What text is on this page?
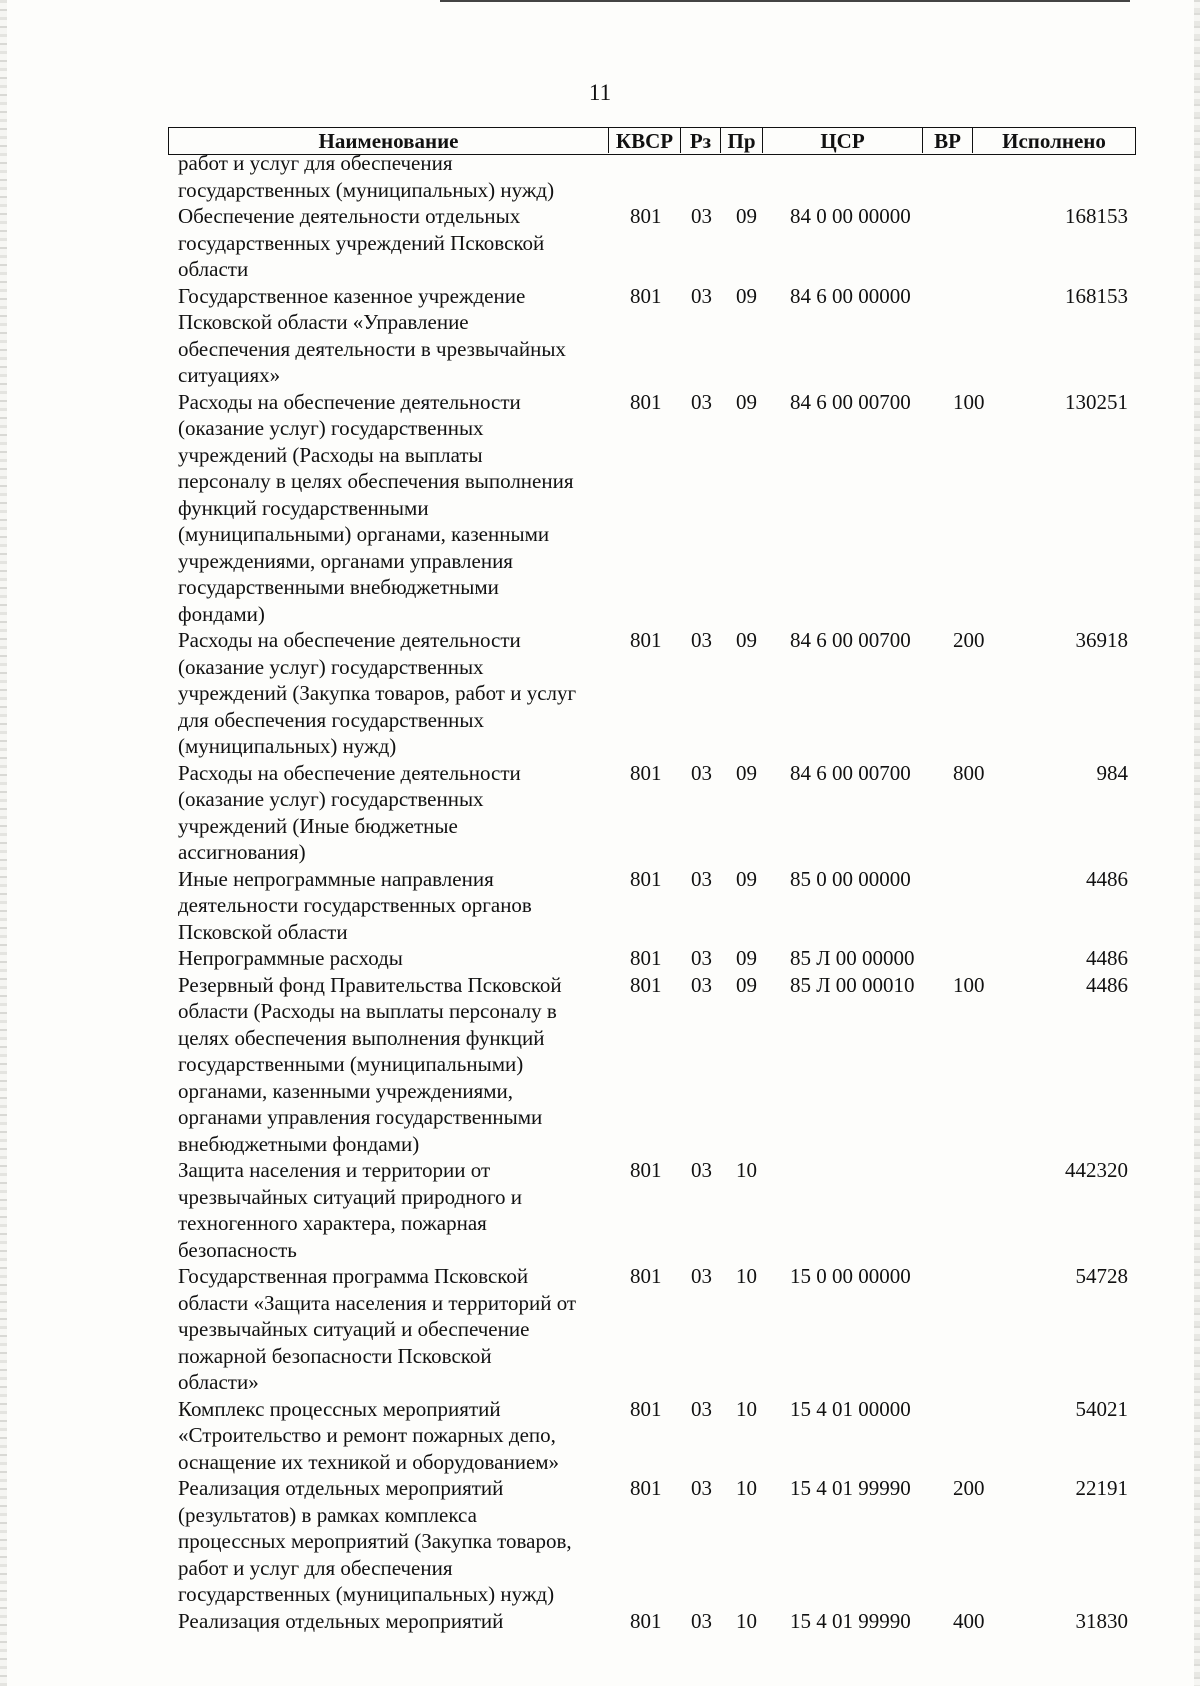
11
Наименование	КВСР Рз Пр	ЦСР	ВР	Исполнено
работ и услуг для обеспечения
государственных (муниципальных) нужд)
Обеспечение деятельности отдельных
государственных учреждений Псковской
области
801 03 09 84 0 00 00000	168153
Государственное казенное учреждение
Псковской области «Управление
обеспечения деятельности в чрезвычайных
ситуациях»
801 03 09 84 6 00 00000	168153
Расходы на обеспечение деятельности
(оказание услуг) государственных
учреждений (Расходы на выплаты
персоналу в целях обеспечения выполнения
функций государственными
(муниципальными) органами, казенными
учреждениями, органами управления
государственными внебюджетными
фондами)
801 03 09 84 6 00 00700 100	130251
Расходы на обеспечение деятельности
(оказание услуг) государственных
учреждений (Закупка товаров, работ и услуг
для обеспечения государственных
(муниципальных) нужд)
801 03 09 84 6 00 00700 200	36918
Расходы на обеспечение деятельности
(оказание услуг) государственных
учреждений (Иные бюджетные
ассигнования)
801 03 09 84 6 00 00700 800	984
Иные непрограммные направления
деятельности государственных органов
Псковской области
801 03 09 85 0 00 00000	4486
Непрограммные расходы	801 03 09 85 Л 00 00000	4486
Резервный фонд Правительства Псковской
области (Расходы на выплаты персоналу в
целях обеспечения выполнения функций
государственными (муниципальными)
органами, казенными учреждениями,
органами управления государственными
внебюджетными фондами)
801 03 09 85 Л 00 00010 100	4486
Защита населения и территории от
чрезвычайных ситуаций природного и
техногенного характера, пожарная
безопасность
801 03 10	442320
Государственная программа Псковской
области «Защита населения и территорий от
чрезвычайных ситуаций и обеспечение
пожарной безопасности Псковской
области»
801 03 10 15 0 00 00000	54728
Комплекс процессных мероприятий
«Строительство и ремонт пожарных депо,
оснащение их техникой и оборудованием»
801 03 10 15 4 01 00000	54021
Реализация отдельных мероприятий
(результатов) в рамках комплекса
процессных мероприятий (Закупка товаров,
работ и услуг для обеспечения
государственных (муниципальных) нужд)
801 03 10 15 4 01 99990 200	22191
Реализация отдельных мероприятий	801 03 10 15 4 01 99990 400	31830
